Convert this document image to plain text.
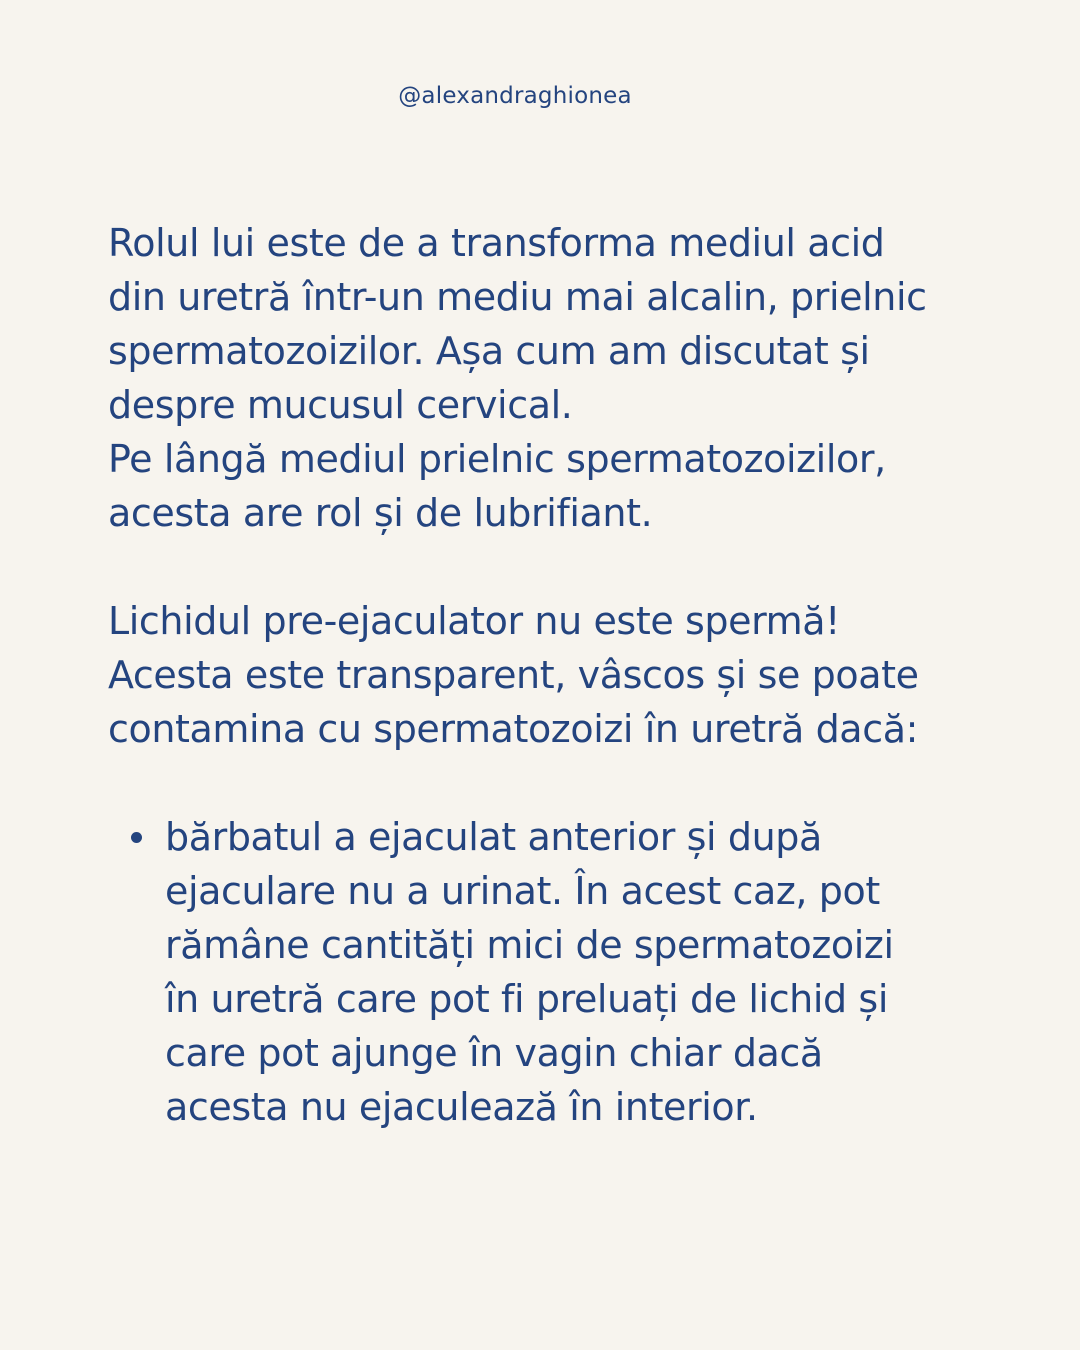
@alexandraghionea

Rolul lui este de a transforma mediul acid
din uretră într-un mediu mai alcalin, prielnic
spermatozoizilor. Așa cum am discutat și
despre mucusul cervical.
Pe lângă mediul prielnic spermatozoizilor,
acesta are rol și de lubrifiant.

Lichidul pre-ejaculator nu este spermă!
Acesta este transparent, vâscos și se poate
contamina cu spermatozoizi în uretră dacă:

bărbatul a ejaculat anterior și după
ejaculare nu a urinat. În acest caz, pot
rămâne cantități mici de spermatozoizi
în uretră care pot fi preluați de lichid și
care pot ajunge în vagin chiar dacă
acesta nu ejaculează în interior.
